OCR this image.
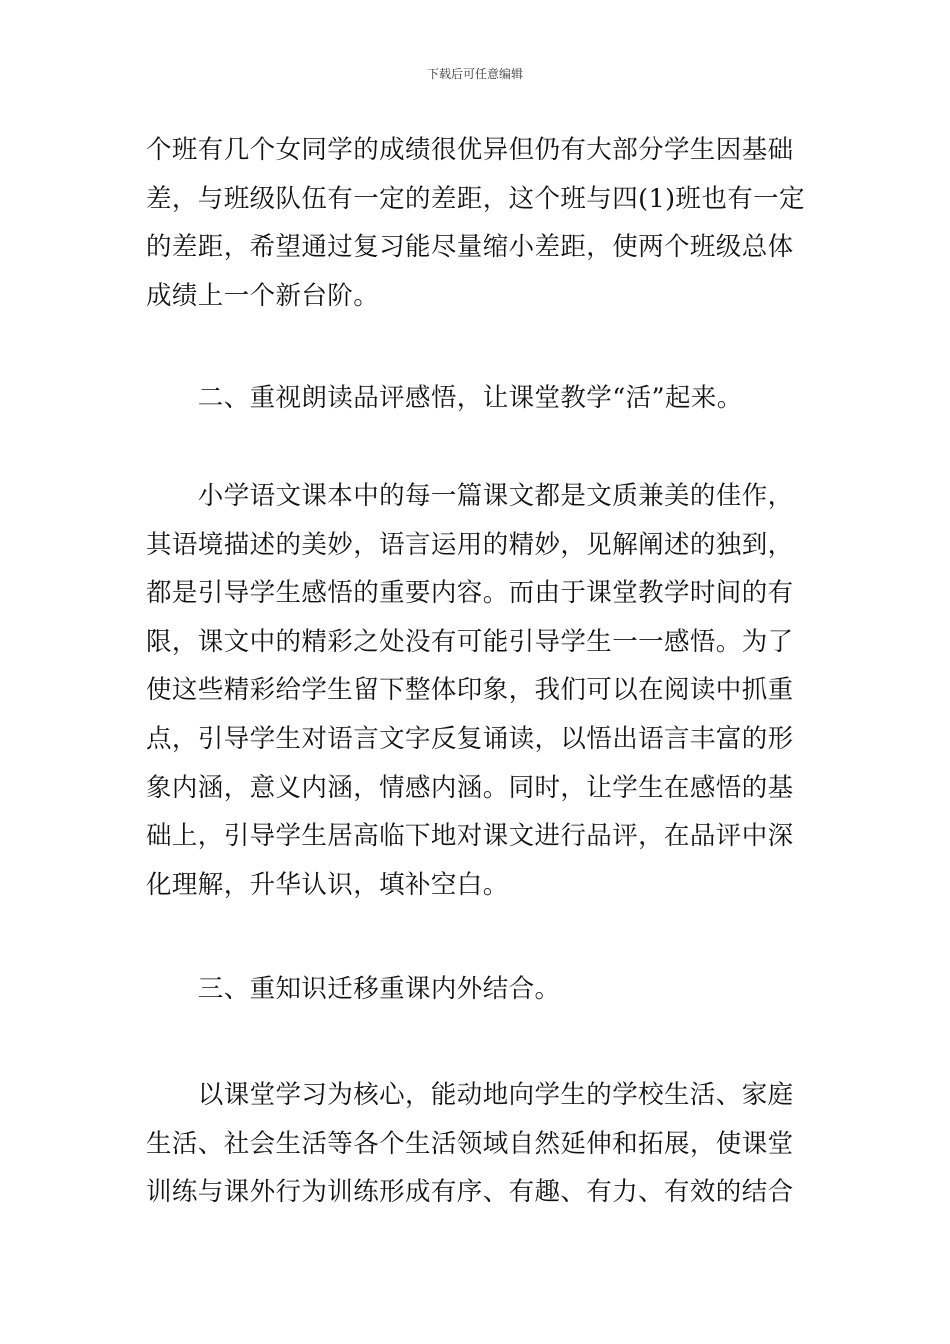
下载后可任意编辑

个班有几个女同学的成绩很优异但仍有大部分学生因基础
差，与班级队伍有一定的差距，这个班与四(1)班也有一定
的差距，希望通过复习能尽量缩小差距，使两个班级总体
成绩上一个新台阶。

　　二、重视朗读品评感悟，让课堂教学“活”起来。

　　小学语文课本中的每一篇课文都是文质兼美的佳作，
其语境描述的美妙，语言运用的精妙，见解阐述的独到，
都是引导学生感悟的重要内容。而由于课堂教学时间的有
限，课文中的精彩之处没有可能引导学生一一感悟。为了
使这些精彩给学生留下整体印象，我们可以在阅读中抓重
点，引导学生对语言文字反复诵读，以悟出语言丰富的形
象内涵，意义内涵，情感内涵。同时，让学生在感悟的基
础上，引导学生居高临下地对课文进行品评，在品评中深
化理解，升华认识，填补空白。

　　三、重知识迁移重课内外结合。

　　以课堂学习为核心，能动地向学生的学校生活、家庭
生活、社会生活等各个生活领域自然延伸和拓展，使课堂
训练与课外行为训练形成有序、有趣、有力、有效的结合
